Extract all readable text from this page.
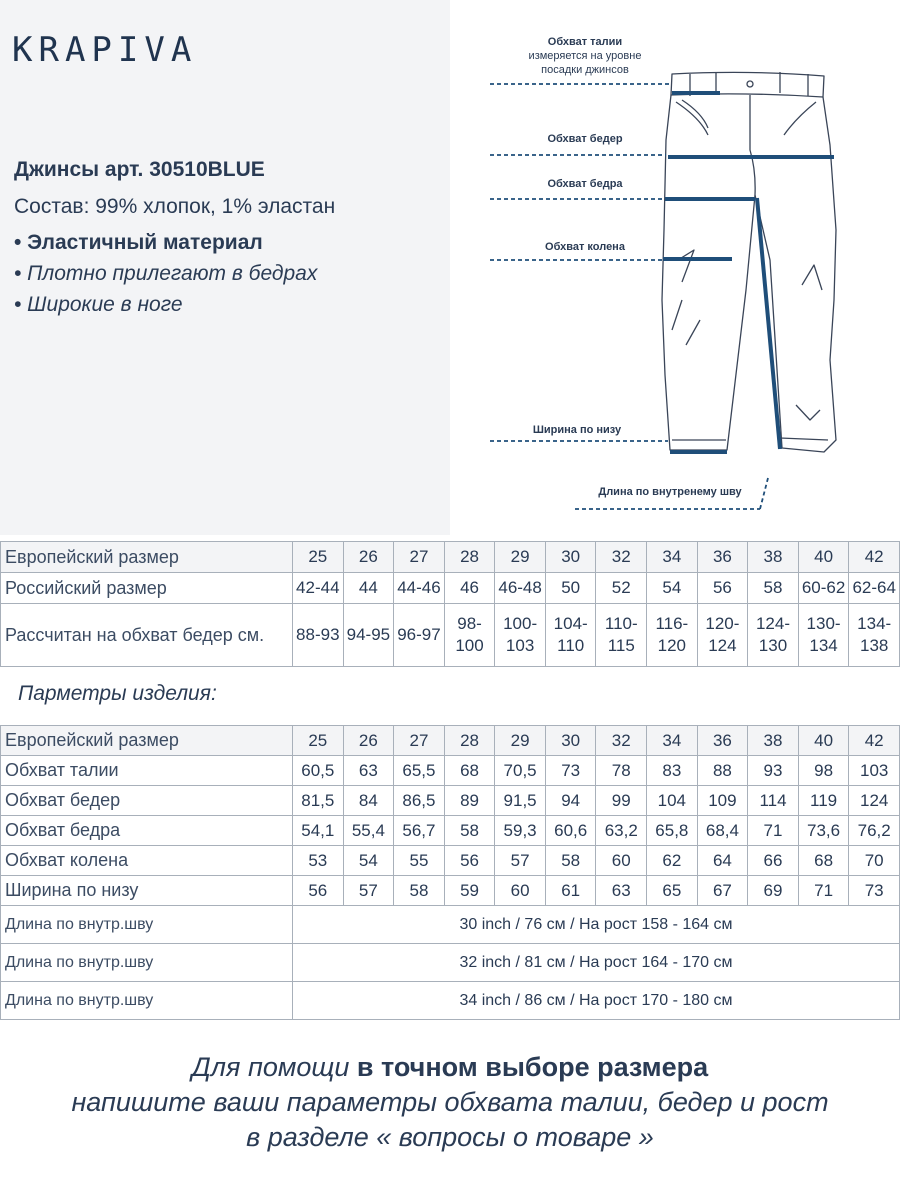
KRAPIVA
Джинсы арт. 30510BLUE
Состав: 99% хлопок, 1% эластан
• Эластичный материал
• Плотно прилегают в бедрах
• Широкие в ноге
Обхват талии
измеряется на уровне
посадки джинсов
Обхват бедер
Обхват бедра
Обхват колена
Ширина по низу
Длина по внутренему шву
Европейский размер	25	26	27	28	29	30	32	34	36	38	40	42
Российский размер	42-44	44	44-46	46	46-48	50	52	54	56	58	60-62	62-64
Рассчитан на обхват бедер см.	88-93	94-95	96-97	98-100	100-103	104-110	110-115	116-120	120-124	124-130	130-134	134-138
Парметры изделия:
Европейский размер	25	26	27	28	29	30	32	34	36	38	40	42
Обхват талии	60,5	63	65,5	68	70,5	73	78	83	88	93	98	103
Обхват бедер	81,5	84	86,5	89	91,5	94	99	104	109	114	119	124
Обхват бедра	54,1	55,4	56,7	58	59,3	60,6	63,2	65,8	68,4	71	73,6	76,2
Обхват колена	53	54	55	56	57	58	60	62	64	66	68	70
Ширина по низу	56	57	58	59	60	61	63	65	67	69	71	73
Длина по внутр.шву	30 inch / 76 см / На рост 158 - 164 см											
Длина по внутр.шву	32 inch / 81 см / На рост 164 - 170 см											
Длина по внутр.шву	34 inch / 86 см / На рост 170 - 180 см											
Для помощи в точном выборе размера
напишите ваши параметры обхвата талии, бедер и рост
в разделе « вопросы о товаре »
